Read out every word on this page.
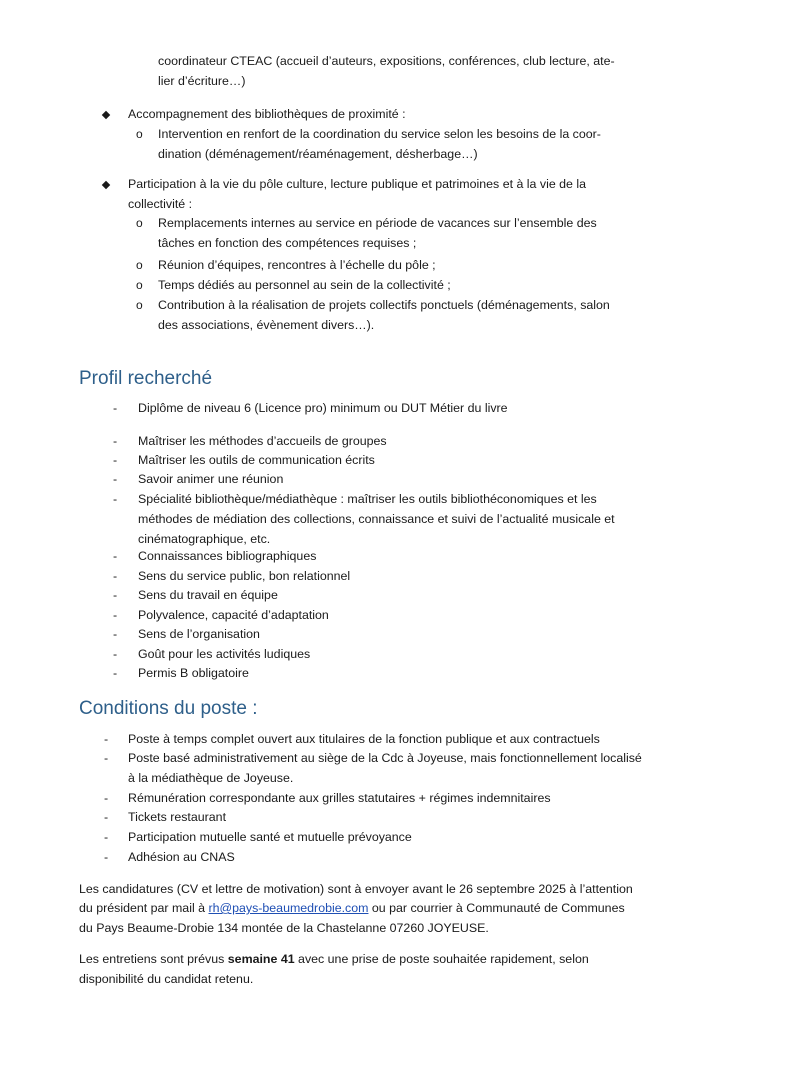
coordinateur CTEAC (accueil d’auteurs, expositions, conférences, club lecture, ate-

lier d’écriture…)

Accompagnement des bibliothèques de proximité :

o Intervention en renfort de la coordination du service selon les besoins de la coor-

dination (déménagement/réaménagement, désherbage…)

Participation à la vie du pôle culture, lecture publique et patrimoines et à la vie de la

collectivité :

o Remplacements internes au service en période de vacances sur l’ensemble des

tâches en fonction des compétences requises ;

o Réunion d’équipes, rencontres à l’échelle du pôle ;

o Temps dédiés au personnel au sein de la collectivité ;

o Contribution à la réalisation de projets collectifs ponctuels (déménagements, salon

des associations, évènement divers…).

Profil recherché
- Diplôme de niveau 6 (Licence pro) minimum ou DUT Métier du livre

- Maîtriser les méthodes d’accueils de groupes

- Maîtriser les outils de communication écrits

- Savoir animer une réunion

- Spécialité bibliothèque/médiathèque : maîtriser les outils bibliothéconomiques et les

méthodes de médiation des collections, connaissance et suivi de l’actualité musicale et

cinématographique, etc.

- Connaissances bibliographiques

- Sens du service public, bon relationnel

- Sens du travail en équipe

- Polyvalence, capacité d’adaptation

- Sens de l’organisation

- Goût pour les activités ludiques

- Permis B obligatoire

Conditions du poste :
- Poste à temps complet ouvert aux titulaires de la fonction publique et aux contractuels

- Poste basé administrativement au siège de la Cdc à Joyeuse, mais fonctionnellement localisé

à la médiathèque de Joyeuse.

- Rémunération correspondante aux grilles statutaires + régimes indemnitaires

- Tickets restaurant

- Participation mutuelle santé et mutuelle prévoyance

- Adhésion au CNAS

Les candidatures (CV et lettre de motivation) sont à envoyer avant le 26 septembre 2025 à l’attention

du président par mail à rh@pays-beaumedrobie.com ou par courrier à Communauté de Communes

du Pays Beaume-Drobie 134 montée de la Chastelanne 07260 JOYEUSE.

Les entretiens sont prévus semaine 41 avec une prise de poste souhaitée rapidement, selon

disponibilité du candidat retenu.
